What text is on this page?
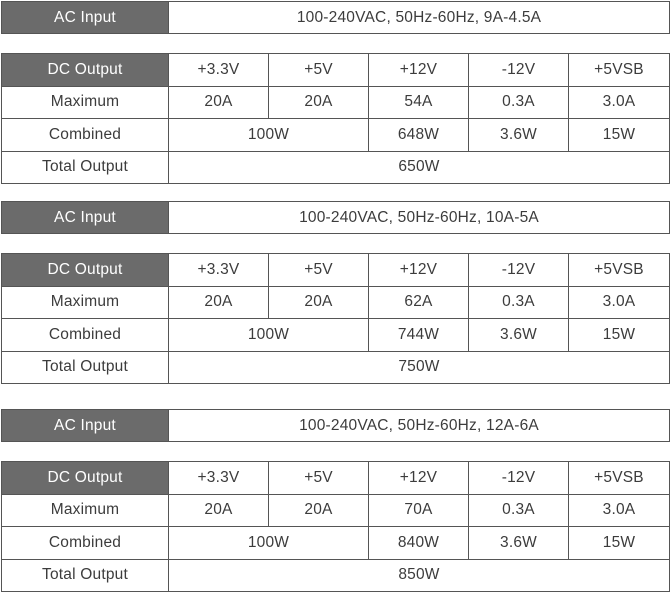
AC Input	100-240VAC, 50Hz-60Hz, 9A-4.5A
DC Output	+3.3V	+5V	+12V	-12V	+5VSB
Maximum	20A	20A	54A	0.3A	3.0A
Combined	100W		648W	3.6W	15W
Total Output	650W				
AC Input	100-240VAC, 50Hz-60Hz, 10A-5A
DC Output	+3.3V	+5V	+12V	-12V	+5VSB
Maximum	20A	20A	62A	0.3A	3.0A
Combined	100W		744W	3.6W	15W
Total Output	750W				
AC Input	100-240VAC, 50Hz-60Hz, 12A-6A
DC Output	+3.3V	+5V	+12V	-12V	+5VSB
Maximum	20A	20A	70A	0.3A	3.0A
Combined	100W		840W	3.6W	15W
Total Output	850W				
